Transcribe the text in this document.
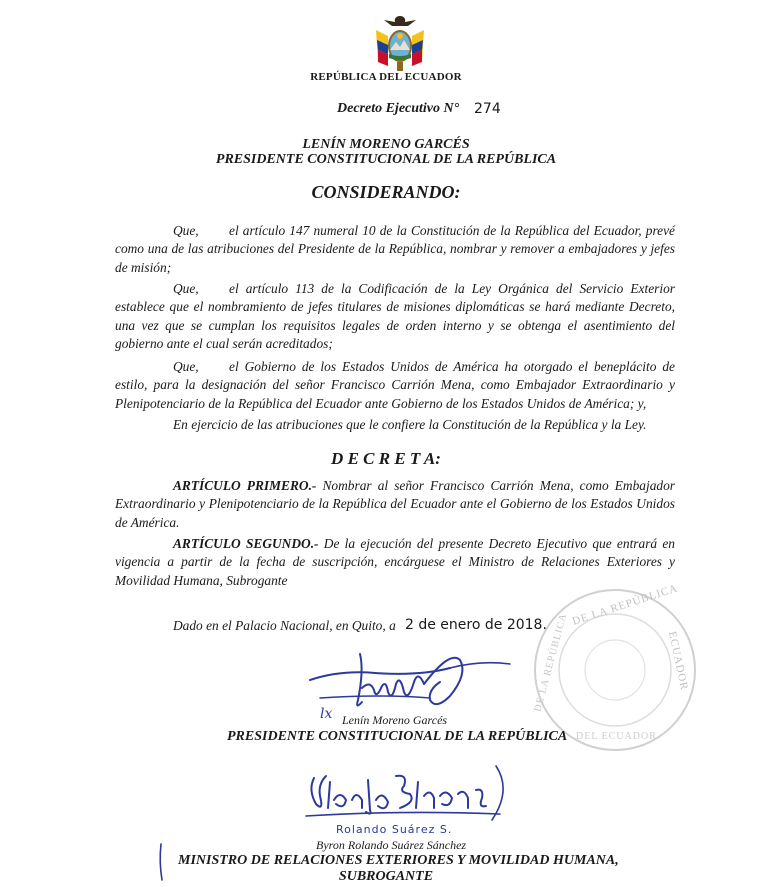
REPÚBLICA DEL ECUADOR
Decreto Ejecutivo N° 274
LENÍN MORENO GARCÉS
PRESIDENTE CONSTITUCIONAL DE LA REPÚBLICA
CONSIDERANDO:
Que, el artículo 147 numeral 10 de la Constitución de la República del Ecuador, prevé como una de las atribuciones del Presidente de la República, nombrar y remover a embajadores y jefes de misión;
Que, el artículo 113 de la Codificación de la Ley Orgánica del Servicio Exterior establece que el nombramiento de jefes titulares de misiones diplomáticas se hará mediante Decreto, una vez que se cumplan los requisitos legales de orden interno y se obtenga el asentimiento del gobierno ante el cual serán acreditados;
Que, el Gobierno de los Estados Unidos de América ha otorgado el beneplácito de estilo, para la designación del señor Francisco Carrión Mena, como Embajador Extraordinario y Plenipotenciario de la República del Ecuador ante Gobierno de los Estados Unidos de América; y,
En ejercicio de las atribuciones que le confiere la Constitución de la República y la Ley.
D E C R E T A:
ARTÍCULO PRIMERO.- Nombrar al señor Francisco Carrión Mena, como Embajador Extraordinario y Plenipotenciario de la República del Ecuador ante el Gobierno de los Estados Unidos de América.
ARTÍCULO SEGUNDO.- De la ejecución del presente Decreto Ejecutivo que entrará en vigencia a partir de la fecha de suscripción, encárguese el Ministro de Relaciones Exteriores y Movilidad Humana, Subrogante
Dado en el Palacio Nacional, en Quito, a 2 de enero de 2018. DE LA REPÚBLICA
DE LA REPÚBLICA	ECUADOR
DEL ECUADOR
lx Lenín Moreno Garcés
PRESIDENTE CONSTITUCIONAL DE LA REPÚBLICA
Rolando Suárez S.
Byron Rolando Suárez Sánchez
MINISTRO DE RELACIONES EXTERIORES Y MOVILIDAD HUMANA,
SUBROGANTE
